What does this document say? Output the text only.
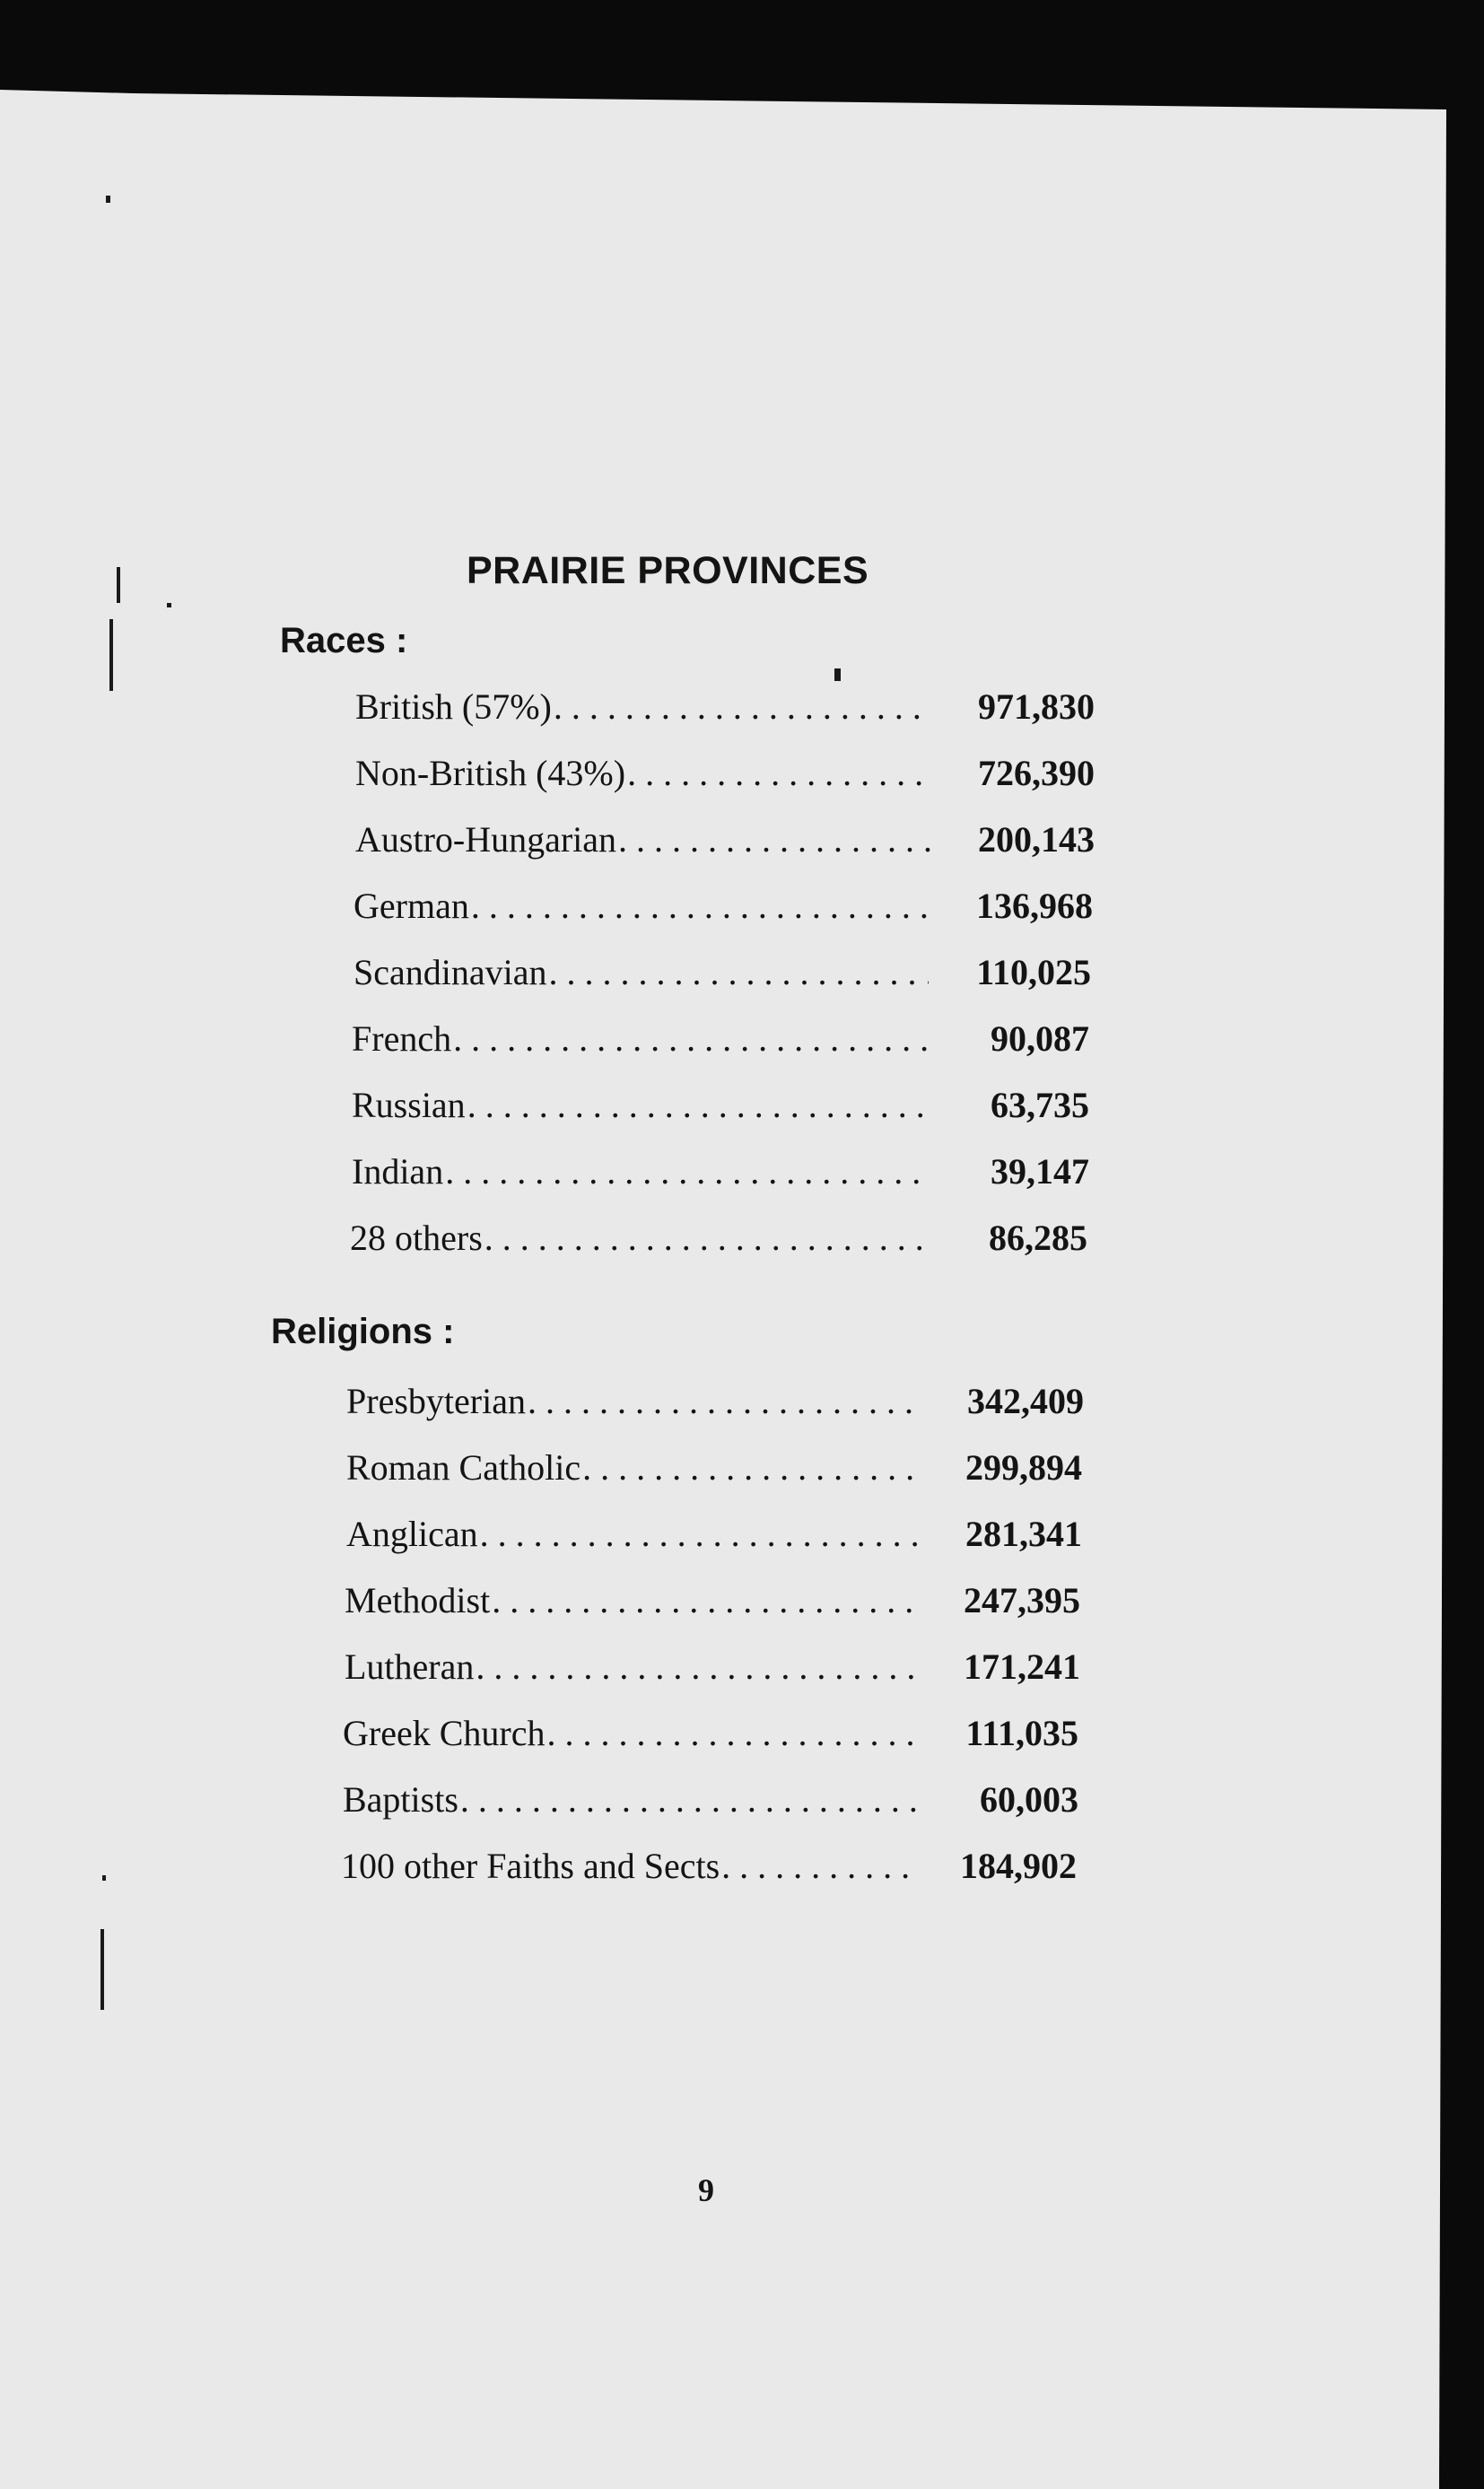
PRAIRIE PROVINCES
Races :
British (57%) . . .	971,830
Non-British (43%) . . .	726,390
Austro-Hungarian . . .	200,143
German . . .	136,968
Scandinavian . . .	110,025
French . . .	90,087
Russian . . .	63,735
Indian . . .	39,147
28 others . . .	86,285
Religions :
Presbyterian . . .	342,409
Roman Catholic . . .	299,894
Anglican . . .	281,341
Methodist . . .	247,395
Lutheran . . .	171,241
Greek Church . . .	111,035
Baptists . . .	60,003
100 other Faiths and Sects . . .	184,902
9
